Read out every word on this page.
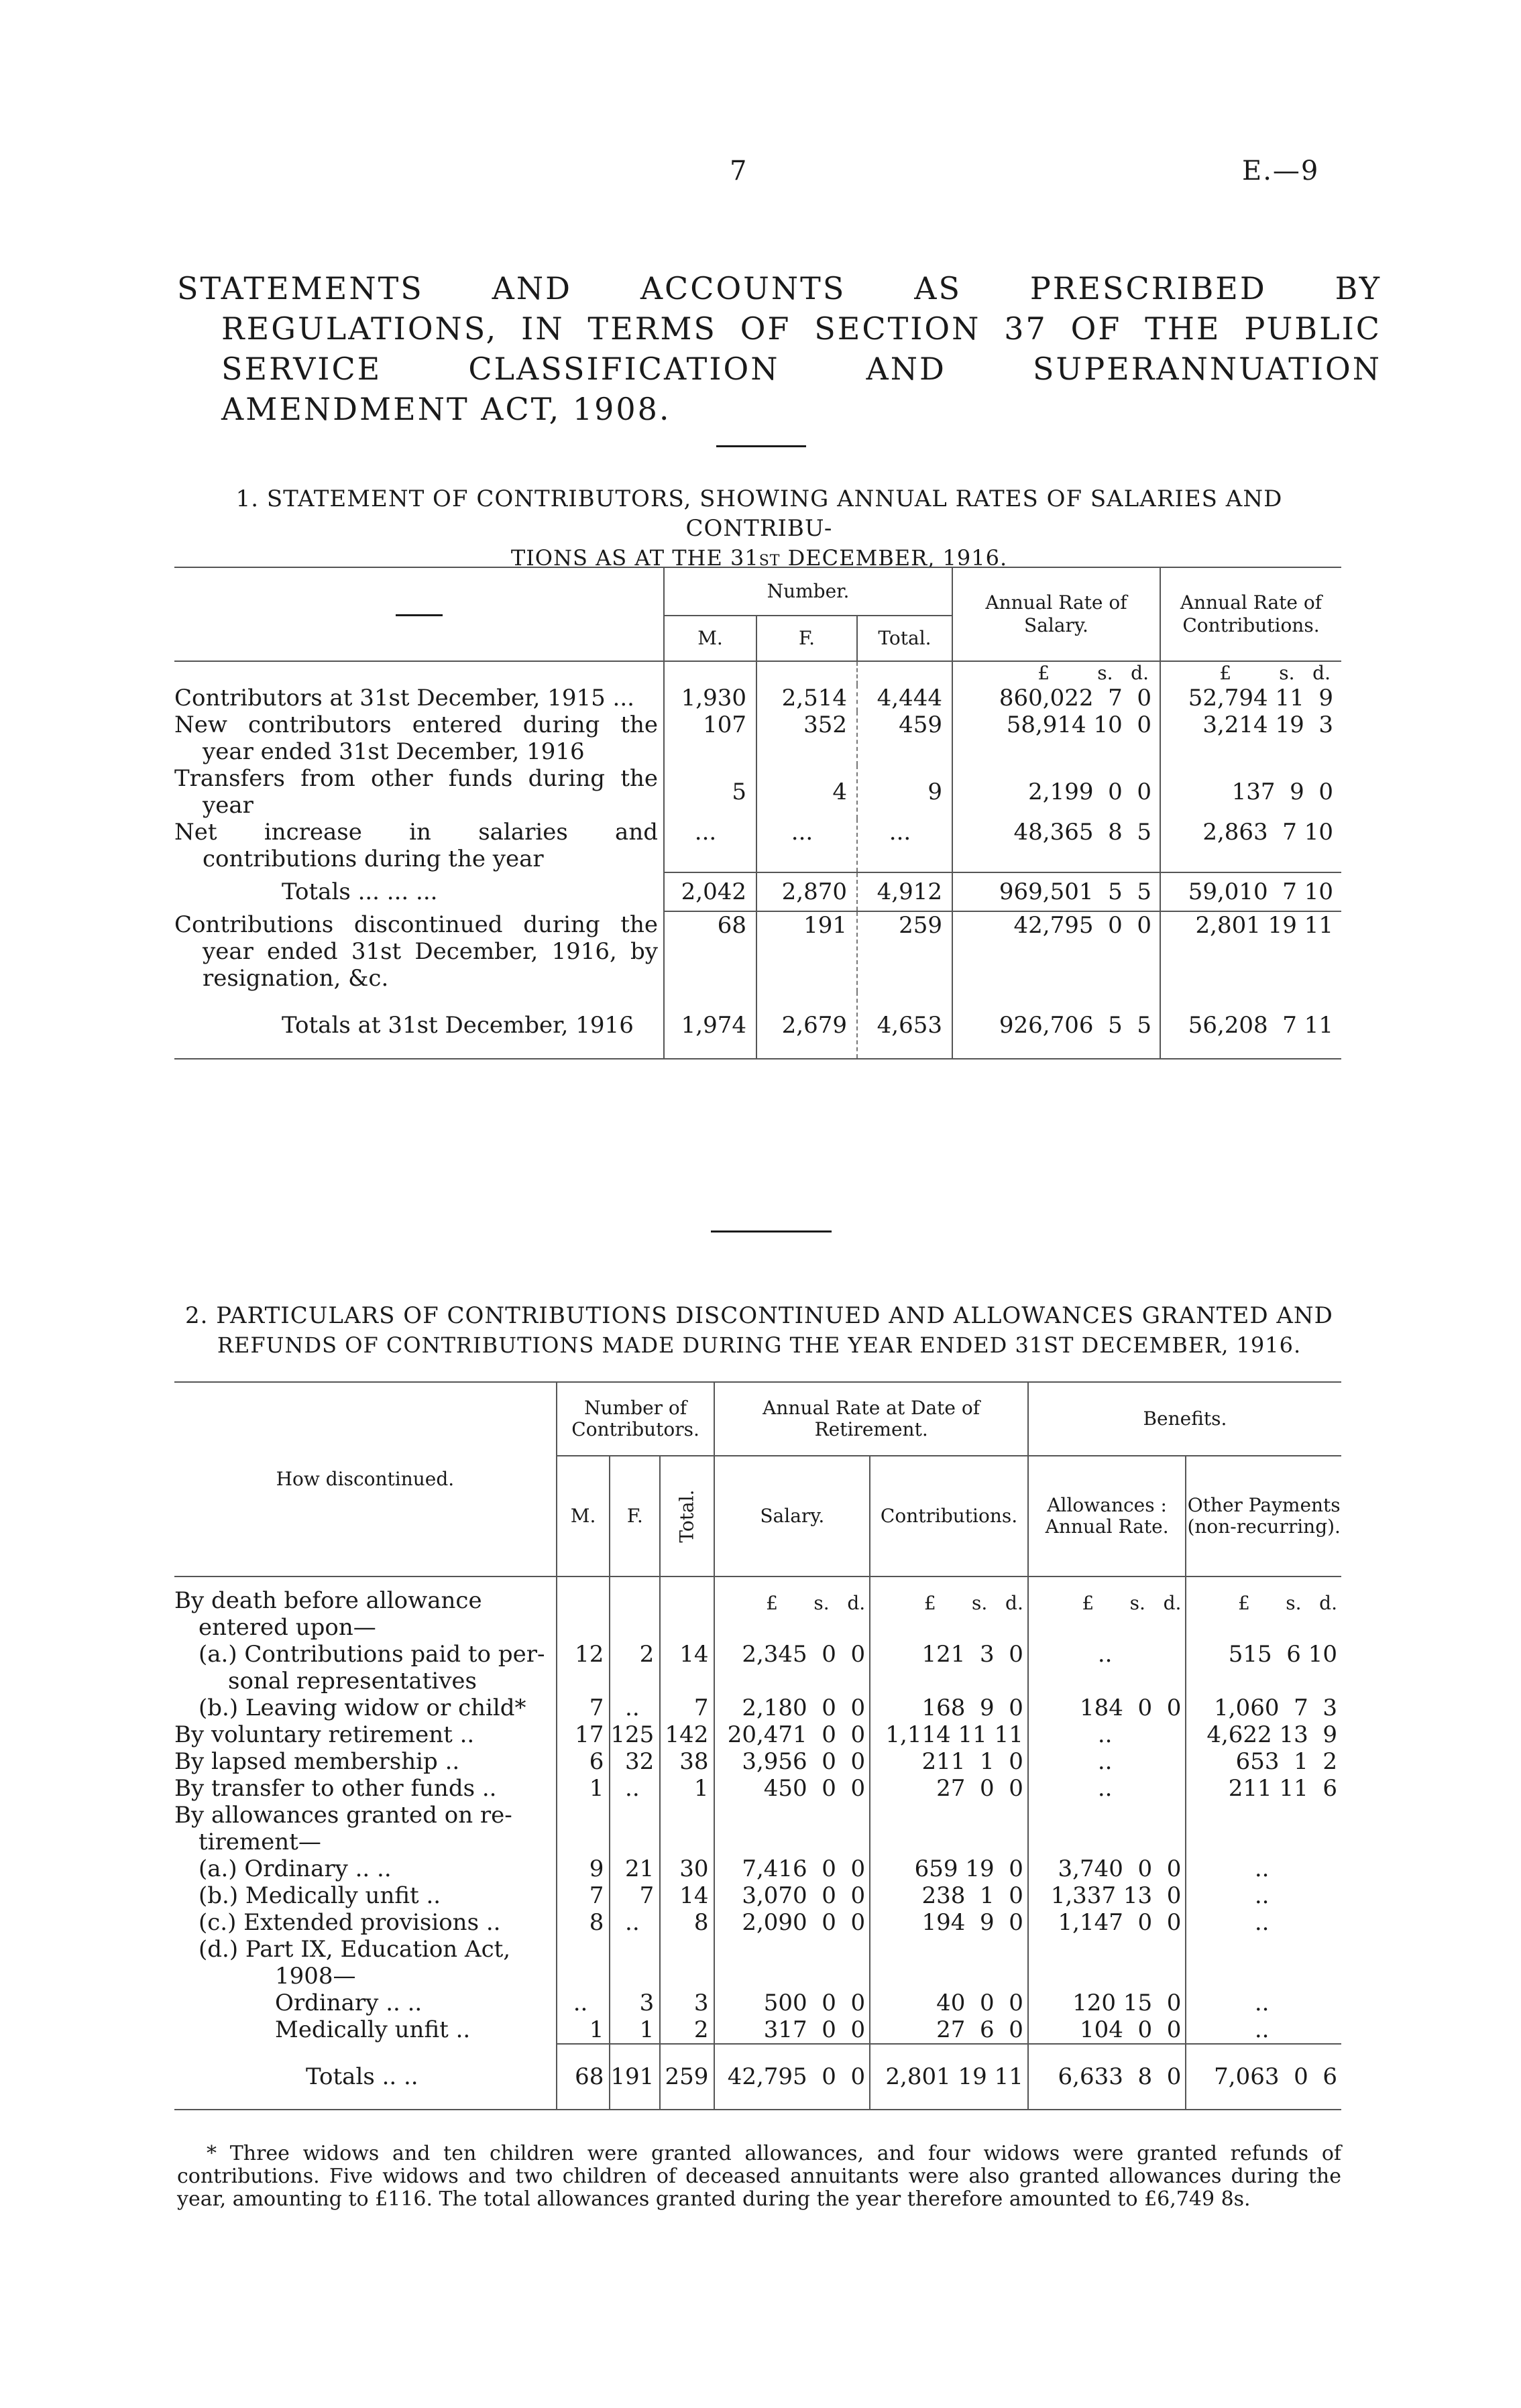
7	E.—9
STATEMENTS AND ACCOUNTS AS PRESCRIBED BY REGULATIONS, IN TERMS OF SECTION 37 OF THE PUBLIC SERVICE CLASSIFICATION AND SUPERANNUATION AMENDMENT ACT, 1908.
1. STATEMENT OF CONTRIBUTORS, SHOWING ANNUAL RATES OF SALARIES AND CONTRIBU-
TIONS AS AT THE 31st DECEMBER, 1916.
	Number.			Annual Rate of Salary.	Annual Rate of Contributions.
	M.	F.	Total.		
				£        s.   d.	£        s.   d.
Contributors at 31st December, 1915 ...	1,930	2,514	4,444	860,022  7  0	52,794 11  9
New contributors entered during the year ended 31st December, 1916	107	352	459	58,914 10  0	3,214 19  3
Transfers from other funds during the year	5	4	9	2,199  0  0	137  9  0
Net increase in salaries and contributions during the year	...	...	...	48,365  8  5	2,863  7 10
Totals ... ... ...	2,042	2,870	4,912	969,501  5  5	59,010  7 10
Contributions discontinued during the year ended 31st December, 1916, by resignation, &c.	68	191	259	42,795  0  0	2,801 19 11
Totals at 31st December, 1916	1,974	2,679	4,653	926,706  5  5	56,208  7 11
2. PARTICULARS OF CONTRIBUTIONS DISCONTINUED AND ALLOWANCES GRANTED AND
REFUNDS OF CONTRIBUTIONS MADE DURING THE YEAR ENDED 31ST DECEMBER, 1916.
How discontinued.	Number of Contributors.			Annual Rate at Date of Retirement.		Benefits.	
	M.	F.	Total.	Salary.	Contributions.	Allowances : Annual Rate.	Other Payments (non-recurring).
By death before allowance				£      s.   d.	£      s.   d.	£      s.   d.	£      s.   d.
entered upon—							
(a.) Contributions paid to per-	12	2	14	2,345  0  0	121  3  0	..	515  6 10
sonal representatives							
(b.) Leaving widow or child*	7	..	7	2,180  0  0	168  9  0	184  0  0	1,060  7  3
By voluntary retirement ..	17	125	142	20,471  0  0	1,114 11 11	..	4,622 13  9
By lapsed membership ..	6	32	38	3,956  0  0	211  1  0	..	653  1  2
By transfer to other funds ..	1	..	1	450  0  0	27  0  0	..	211 11  6
By allowances granted on re-							
tirement—							
(a.) Ordinary .. ..	9	21	30	7,416  0  0	659 19  0	3,740  0  0	..
(b.) Medically unfit ..	7	7	14	3,070  0  0	238  1  0	1,337 13  0	..
(c.) Extended provisions ..	8	..	8	2,090  0  0	194  9  0	1,147  0  0	..
(d.) Part IX, Education Act,							
1908—							
Ordinary .. ..	..	3	3	500  0  0	40  0  0	120 15  0	..
Medically unfit ..	1	1	2	317  0  0	27  6  0	104  0  0	..
Totals .. ..	68	191	259	42,795  0  0	2,801 19 11	6,633  8  0	7,063  0  6
* Three widows and ten children were granted allowances, and four widows were granted refunds of contributions. Five widows and two children of deceased annuitants were also granted allowances during the year, amounting to £116. The total allowances granted during the year therefore amounted to £6,749 8s.
